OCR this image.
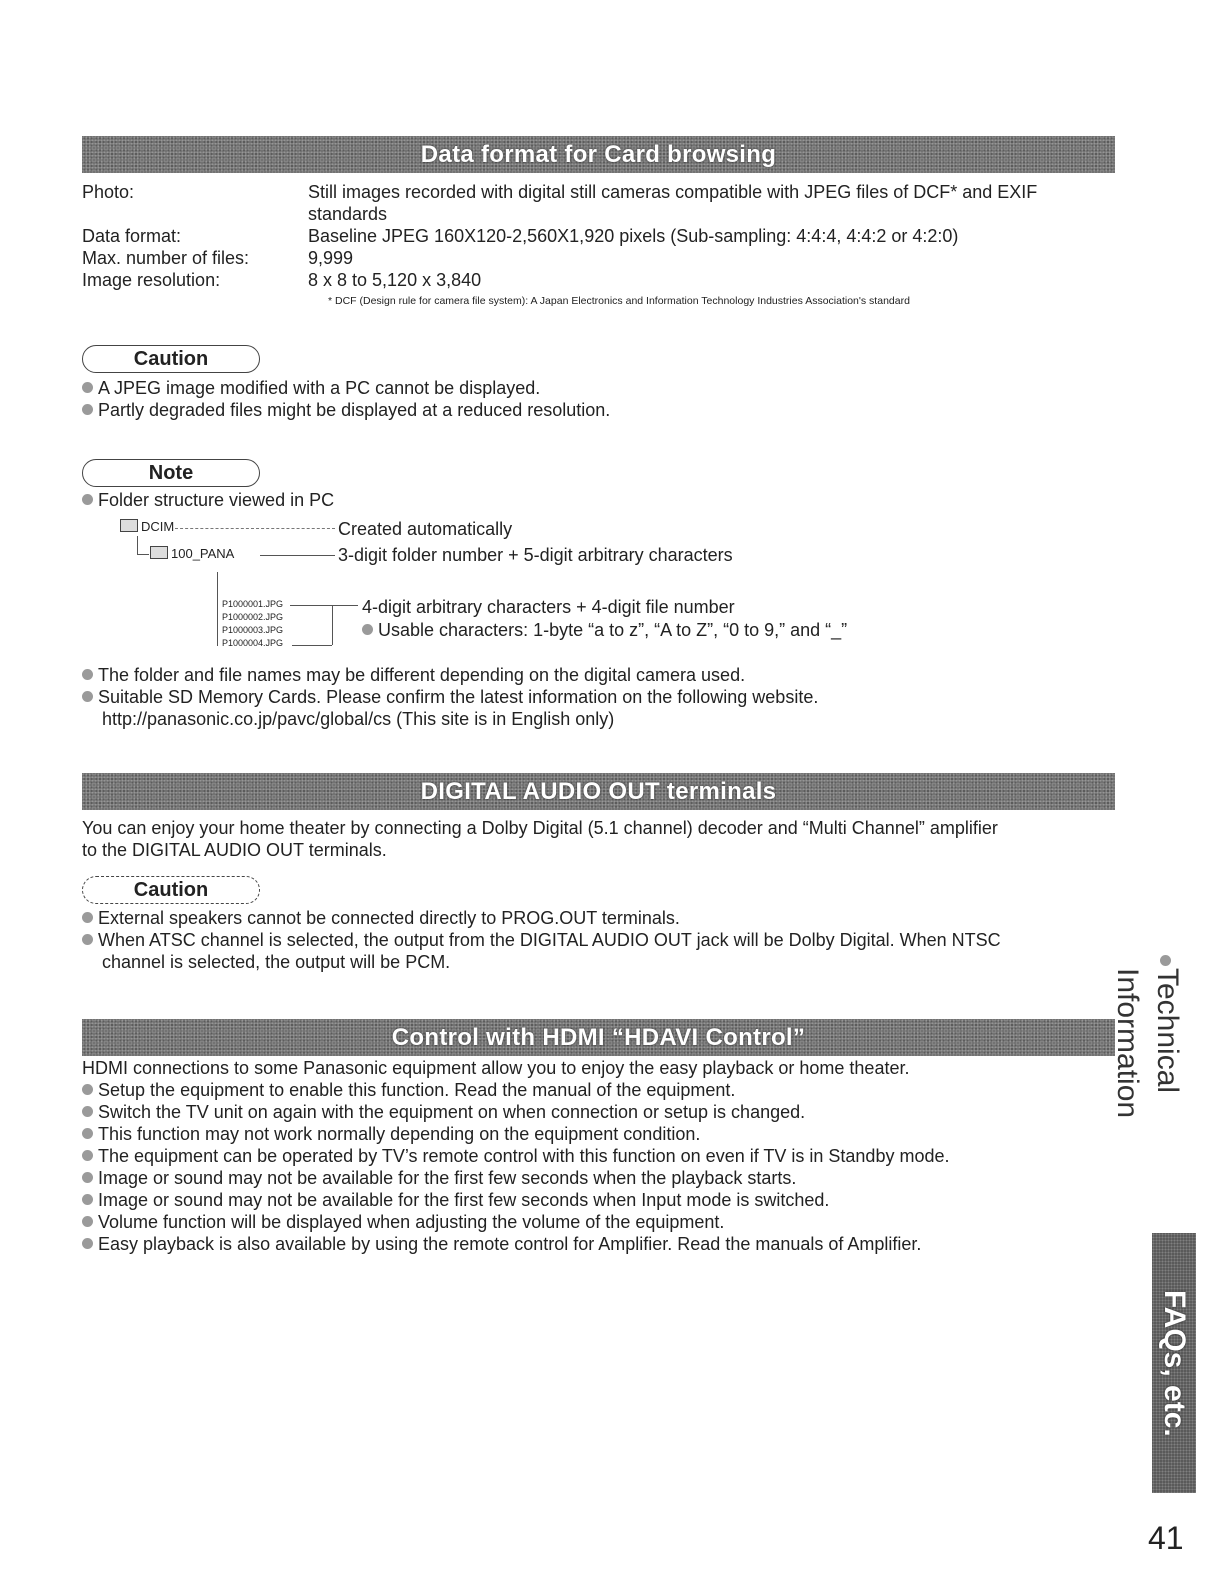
Data format for Card browsing
Photo:	Still images recorded with digital still cameras compatible with JPEG files of DCF* and EXIF
standards
Data format:	Baseline JPEG 160X120-2,560X1,920 pixels (Sub-sampling: 4:4:4, 4:4:2 or 4:2:0)
Max. number of files:	9,999
Image resolution:	8 x 8 to 5,120 x 3,840
* DCF (Design rule for camera file system): A Japan Electronics and Information Technology Industries Association's standard
Caution
A JPEG image modified with a PC cannot be displayed.
Partly degraded files might be displayed at a reduced resolution.
Note
Folder structure viewed in PC
DCIM	Created automatically
100_PANA	3-digit folder number + 5-digit arbitrary characters
P1000001.JPG
P1000002.JPG
P1000003.JPG
P1000004.JPG
4-digit arbitrary characters + 4-digit file number
Usable characters: 1-byte “a to z”, “A to Z”, “0 to 9,” and “_”
The folder and file names may be different depending on the digital camera used.
Suitable SD Memory Cards. Please confirm the latest information on the following website.
http://panasonic.co.jp/pavc/global/cs (This site is in English only)
DIGITAL AUDIO OUT terminals
You can enjoy your home theater by connecting a Dolby Digital (5.1 channel) decoder and “Multi Channel” amplifier
to the DIGITAL AUDIO OUT terminals.
Caution
External speakers cannot be connected directly to PROG.OUT terminals.
When ATSC channel is selected, the output from the DIGITAL AUDIO OUT jack will be Dolby Digital. When NTSC
channel is selected, the output will be PCM.
Control with HDMI “HDAVI Control”
HDMI connections to some Panasonic equipment allow you to enjoy the easy playback or home theater.
Setup the equipment to enable this function. Read the manual of the equipment.
Switch the TV unit on again with the equipment on when connection or setup is changed.
This function may not work normally depending on the equipment condition.
The equipment can be operated by TV’s remote control with this function on even if TV is in Standby mode.
Image or sound may not be available for the first few seconds when the playback starts.
Image or sound may not be available for the first few seconds when Input mode is switched.
Volume function will be displayed when adjusting the volume of the equipment.
Easy playback is also available by using the remote control for Amplifier. Read the manuals of Amplifier.
Technical Information
FAQs, etc.
41
